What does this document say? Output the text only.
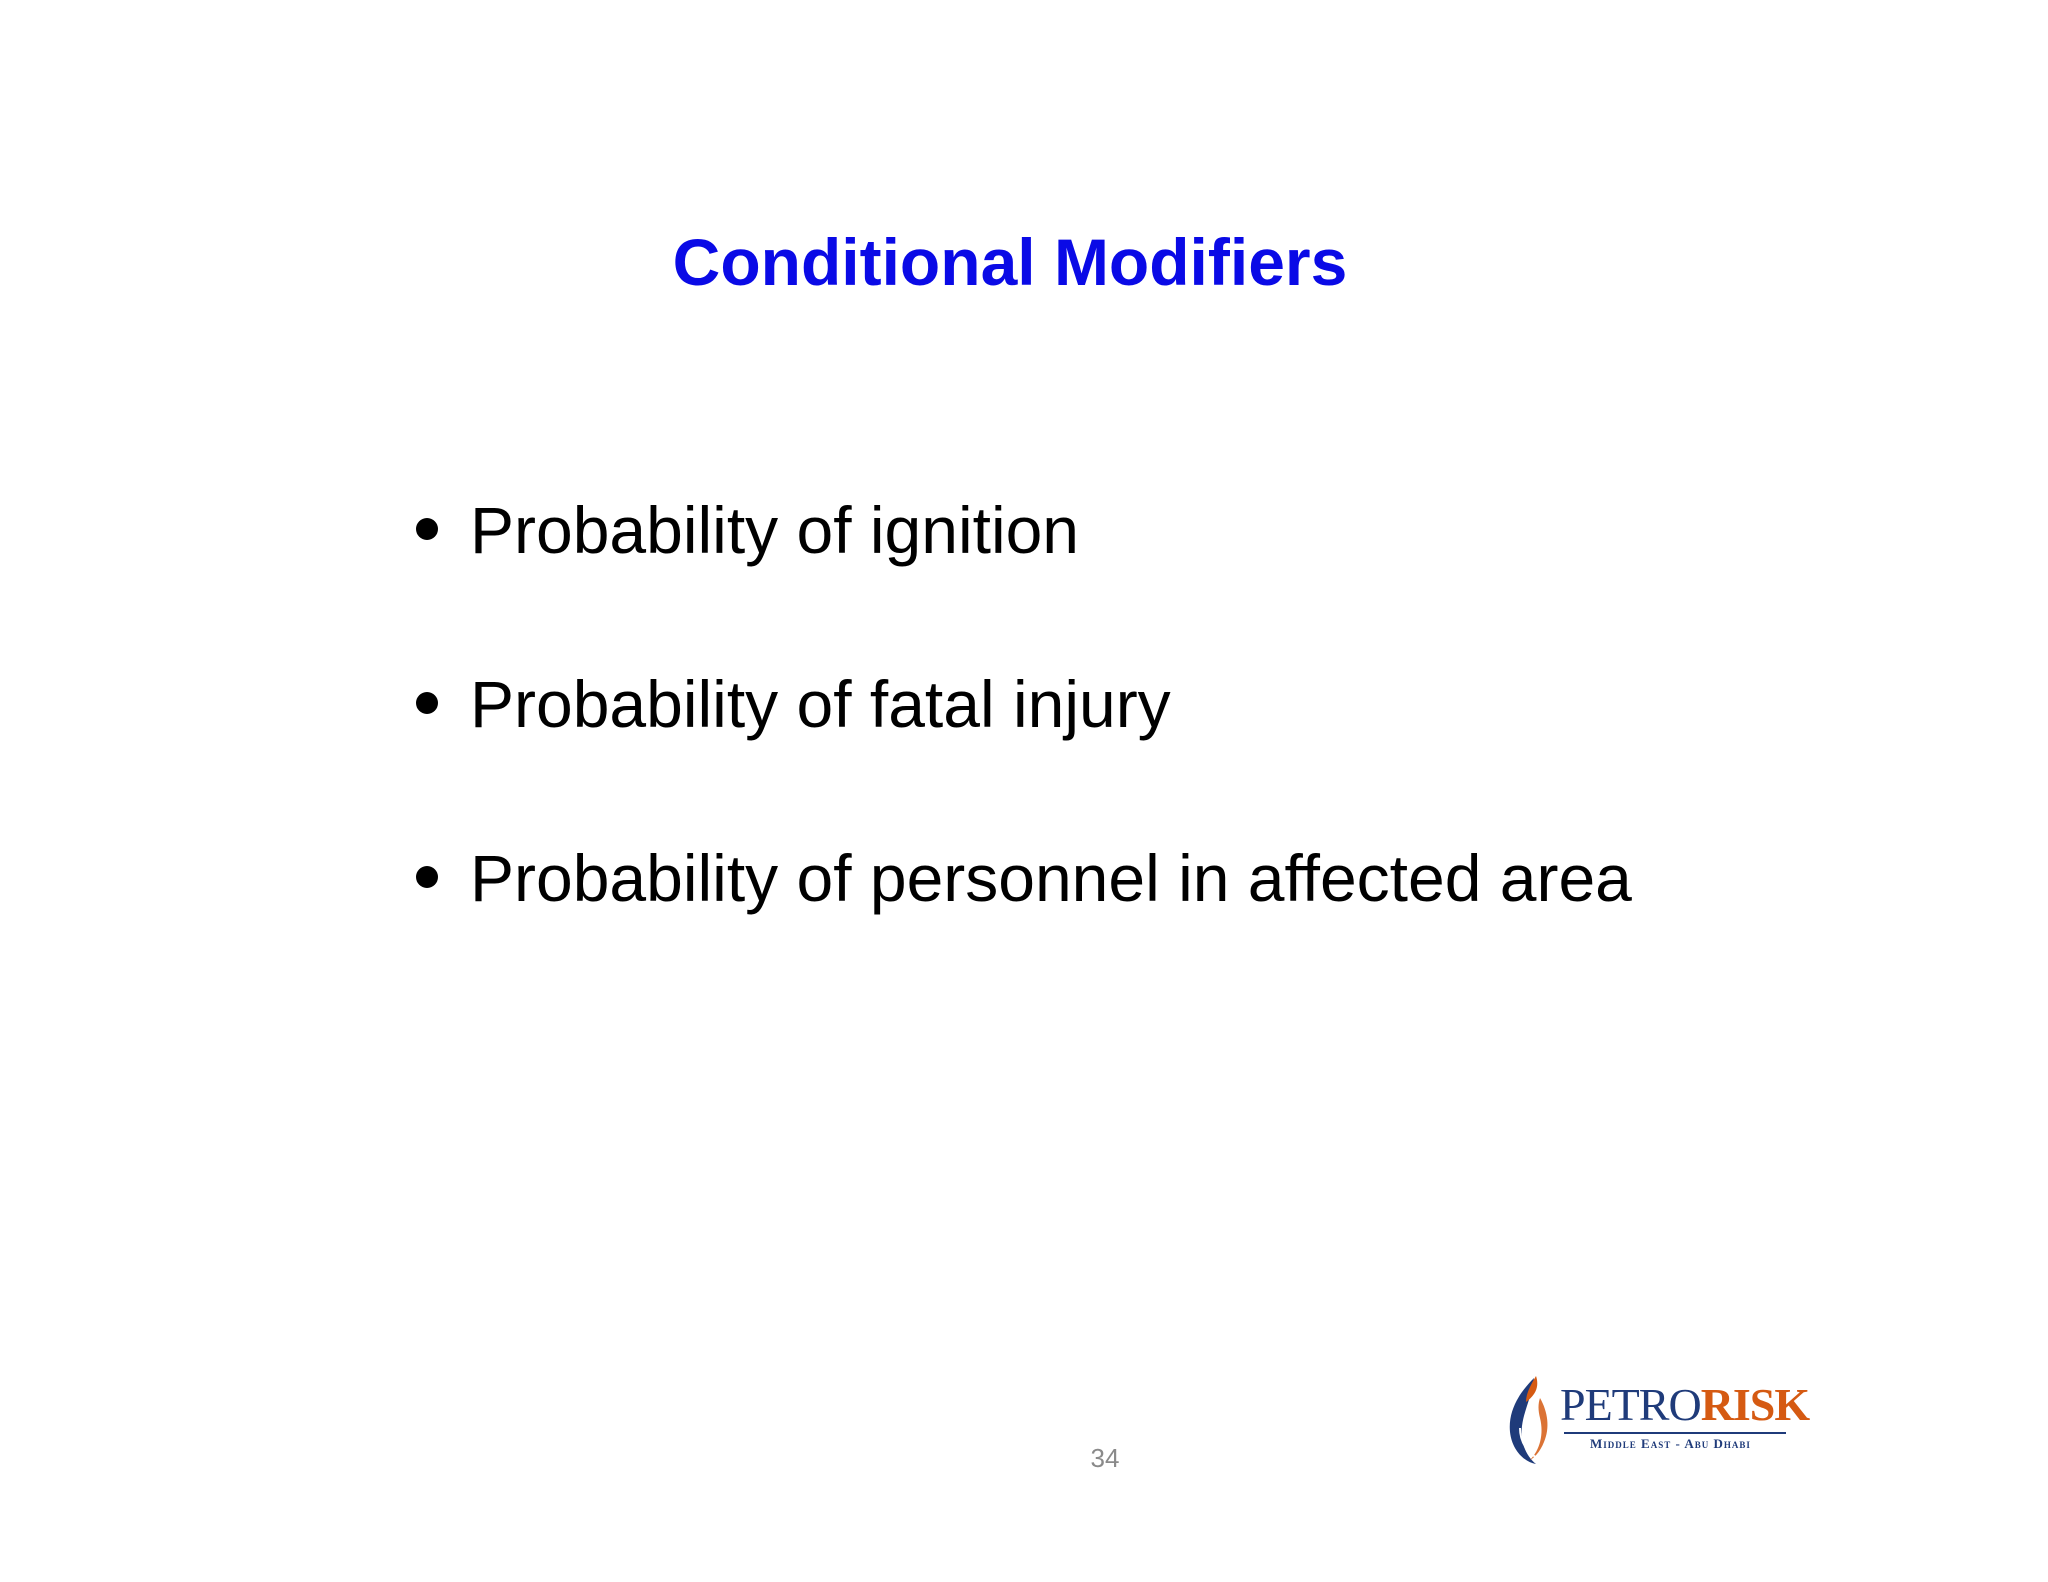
Conditional Modifiers
Probability of ignition
Probability of fatal injury
Probability of personnel in affected area
34
PETRORISK
Middle East - Abu Dhabi
